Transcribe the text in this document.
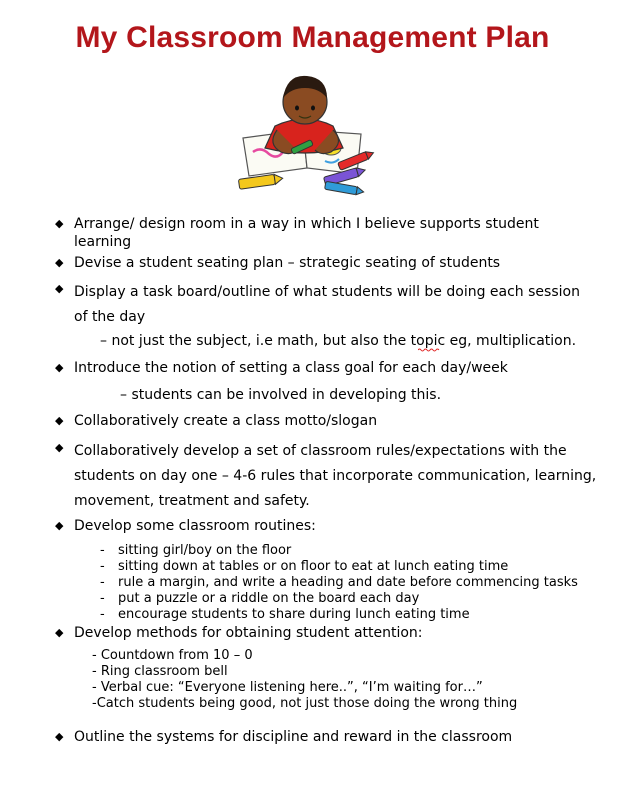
My Classroom Management Plan
◆ Arrange/ design room in a way in which I believe supports student
learning
◆ Devise a student seating plan – strategic seating of students
◆ Display a task board/outline of what students will be doing each session
of the day
– not just the subject, i.e math, but also the topic eg, multiplication.
◆ Introduce the notion of setting a class goal for each day/week
– students can be involved in developing this.
◆ Collaboratively create a class motto/slogan
◆ Collaboratively develop a set of classroom rules/expectations with the
students on day one – 4-6 rules that incorporate communication, learning,
movement, treatment and safety.
◆ Develop some classroom routines:
- sitting girl/boy on the floor
- sitting down at tables or on floor to eat at lunch eating time
- rule a margin, and write a heading and date before commencing tasks
- put a puzzle or a riddle on the board each day
- encourage students to share during lunch eating time
◆ Develop methods for obtaining student attention:
- Countdown from 10 – 0
- Ring classroom bell
- Verbal cue: “Everyone listening here..”, “I’m waiting for…”
-Catch students being good, not just those doing the wrong thing
◆ Outline the systems for discipline and reward in the classroom
